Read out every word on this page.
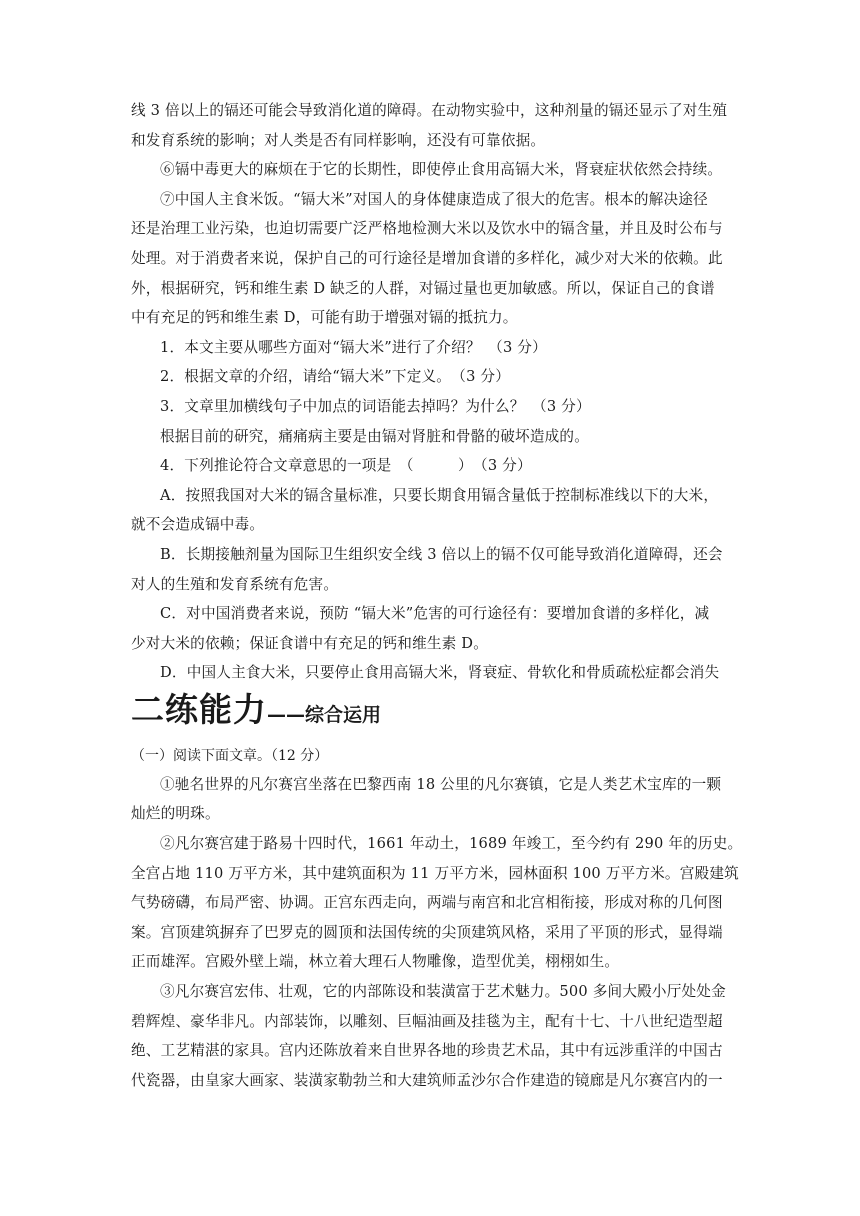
线 3 倍以上的镉还可能会导致消化道的障碍。在动物实验中，这种剂量的镉还显示了对生殖

和发育系统的影响；对人类是否有同样影响，还没有可靠依据。

⑥镉中毒更大的麻烦在于它的长期性，即使停止食用高镉大米，肾衰症状依然会持续。

⑦中国人主食米饭。“镉大米”对国人的身体健康造成了很大的危害。根本的解决途径

还是治理工业污染，也迫切需要广泛严格地检测大米以及饮水中的镉含量，并且及时公布与

处理。对于消费者来说，保护自己的可行途径是增加食谱的多样化，减少对大米的依赖。此

外，根据研究，钙和维生素 D 缺乏的人群，对镉过量也更加敏感。所以，保证自己的食谱

中有充足的钙和维生素 D，可能有助于增强对镉的抵抗力。

1．本文主要从哪些方面对“镉大米”进行了介绍？　（3 分）

2．根据文章的介绍，请给“镉大米”下定义。　（3 分）

3．文章里加横线句子中加点的词语能去掉吗？为什么？　（3 分）

根据目前的研究，痛痛病主要是由镉对肾脏和骨骼的破坏造成的。

4．下列推论符合文章意思的一项是　（　　　）　（3 分）

A．按照我国对大米的镉含量标准，只要长期食用镉含量低于控制标准线以下的大米，

就不会造成镉中毒。

B．长期接触剂量为国际卫生组织安全线 3 倍以上的镉不仅可能导致消化道障碍，还会

对人的生殖和发育系统有危害。

C．对中国消费者来说，预防 “镉大米”危害的可行途径有：要增加食谱的多样化，减

少对大米的依赖；保证食谱中有充足的钙和维生素 D。

D．中国人主食大米，只要停止食用高镉大米，肾衰症、骨软化和骨质疏松症都会消失

二练能力——综合运用

（一）阅读下面文章。（12 分）

①驰名世界的凡尔赛宫坐落在巴黎西南 18 公里的凡尔赛镇，它是人类艺术宝库的一颗

灿烂的明珠。

②凡尔赛宫建于路易十四时代，1661 年动土，1689 年竣工，至今约有 290 年的历史。

全宫占地 110 万平方米，其中建筑面积为 11 万平方米，园林面积 100 万平方米。宫殿建筑

气势磅礴，布局严密、协调。正宫东西走向，两端与南宫和北宫相衔接，形成对称的几何图

案。宫顶建筑摒弃了巴罗克的圆顶和法国传统的尖顶建筑风格，采用了平顶的形式，显得端

正而雄浑。宫殿外壁上端，林立着大理石人物雕像，造型优美，栩栩如生。

③凡尔赛宫宏伟、壮观，它的内部陈设和装潢富于艺术魅力。500 多间大殿小厅处处金

碧辉煌、豪华非凡。内部装饰，以雕刻、巨幅油画及挂毯为主，配有十七、十八世纪造型超

绝、工艺精湛的家具。宫内还陈放着来自世界各地的珍贵艺术品，其中有远涉重洋的中国古

代瓷器，由皇家大画家、装潢家勒勃兰和大建筑师孟沙尔合作建造的镜廊是凡尔赛宫内的一
